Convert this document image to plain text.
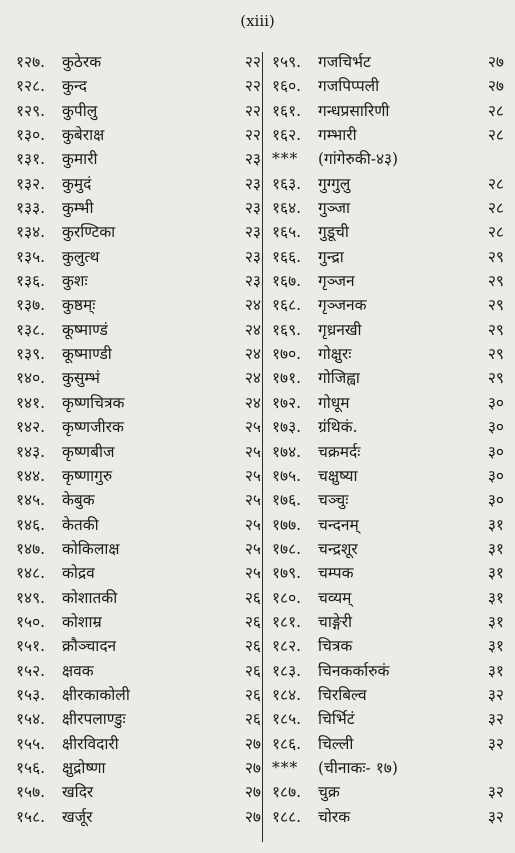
(xiii)
१२७.	कुठेरक	२२
१२८.	कुन्द	२२
१२९.	कुपीलु	२२
१३०.	कुबेराक्ष	२२
१३१.	कुमारी	२३
१३२.	कुमुदं	२३
१३३.	कुम्भी	२३
१३४.	कुरण्टिका	२३
१३५.	कुलुत्थ	२३
१३६.	कुशः	२३
१३७.	कुष्ठम्ः	२४
१३८.	कूष्माण्डं	२४
१३९.	कूष्माण्डी	२४
१४०.	कुसुम्भं	२४
१४१.	कृष्णचित्रक	२४
१४२.	कृष्णजीरक	२५
१४३.	कृष्णबीज	२५
१४४.	कृष्णागुरु	२५
१४५.	केबुक	२५
१४६.	केतकी	२५
१४७.	कोकिलाक्ष	२५
१४८.	कोद्रव	२५
१४९.	कोशातकी	२६
१५०.	कोशाम्र	२६
१५१.	क्रौञ्चादन	२६
१५२.	क्षवक	२६
१५३.	क्षीरकाकोली	२६
१५४.	क्षीरपलाण्डुः	२६
१५५.	क्षीरविदारी	२७
१५६.	क्षुद्रोष्णा	२७
१५७.	खदिर	२७
१५८.	खर्जूर	२७
१५९.	गजचिर्भट	२७
१६०.	गजपिप्पली	२७
१६१.	गन्धप्रसारिणी	२८
१६२.	गम्भारी	२८
***	(गांगेरुकी-४३)
१६३.	गुग्गुलु	२८
१६४.	गुञ्जा	२८
१६५.	गुडूची	२८
१६६.	गुन्द्रा	२९
१६७.	गृञ्जन	२९
१६८.	गृञ्जनक	२९
१६९.	गृध्रनखी	२९
१७०.	गोक्षुरः	२९
१७१.	गोजिह्वा	२९
१७२.	गोधूम	३०
१७३.	ग्रंथिकं.	३०
१७४.	चक्रमर्दः	३०
१७५.	चक्षुष्या	३०
१७६.	चञ्चुः	३०
१७७.	चन्दनम्	३१
१७८.	चन्द्रशूर	३१
१७९.	चम्पक	३१
१८०.	चव्यम्	३१
१८१.	चाङ्गेरी	३१
१८२.	चित्रक	३१
१८३.	चिनकर्कारुकं	३१
१८४.	चिरबिल्व	३२
१८५.	चिर्भिटं	३२
१८६.	चिल्ली	३२
***	(चीनाकः- १७)
१८७.	चुक्र	३२
१८८.	चोरक	३२
